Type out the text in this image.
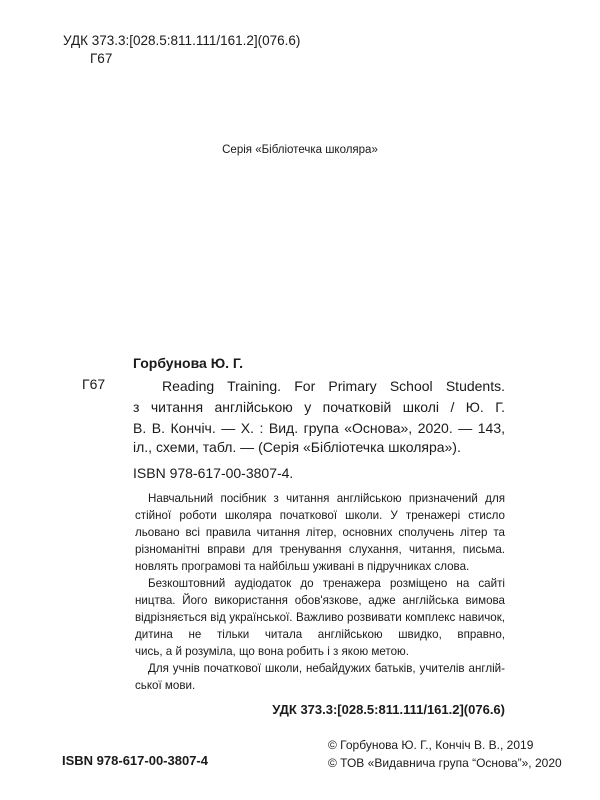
УДК 373.3:[028.5:811.111/161.2](076.6)
Г67
Серія «Бібліотечка школяра»
Горбунова Ю. Г.
Г67	Reading Training. For Primary School Students.
з читання англійською у початковій школі / Ю. Г.
В. В. Кончіч. — Х. : Вид. група «Основа», 2020. — 143,
іл., схеми, табл. — (Серія «Бібліотечка школяра»).
ISBN 978-617-00-3807-4.
Навчальний посібник з читання англійською призначений для
стійної роботи школяра початкової школи. У тренажері стисло
льовано всі правила читання літер, основних сполучень літер та
різноманітні вправи для тренування слухання, читання, письма.
новлять програмові та найбільш уживані в підручниках слова.
Безкоштовний аудіодаток до тренажера розміщено на сайті
ництва. Його використання обов'язкове, адже англійська вимова
відрізняється від української. Важливо розвивати комплекс навичок,
дитина не тільки читала англійською швидко, вправно,
чись, а й розуміла, що вона робить і з якою метою.
Для учнів початкової школи, небайдужих батьків, учителів англій-
ської мови.
УДК 373.3:[028.5:811.111/161.2](076.6)
ISBN 978-617-00-3807-4
© Горбунова Ю. Г., Кончіч В. В., 2019
© ТОВ «Видавнича група “Основа”», 2020
